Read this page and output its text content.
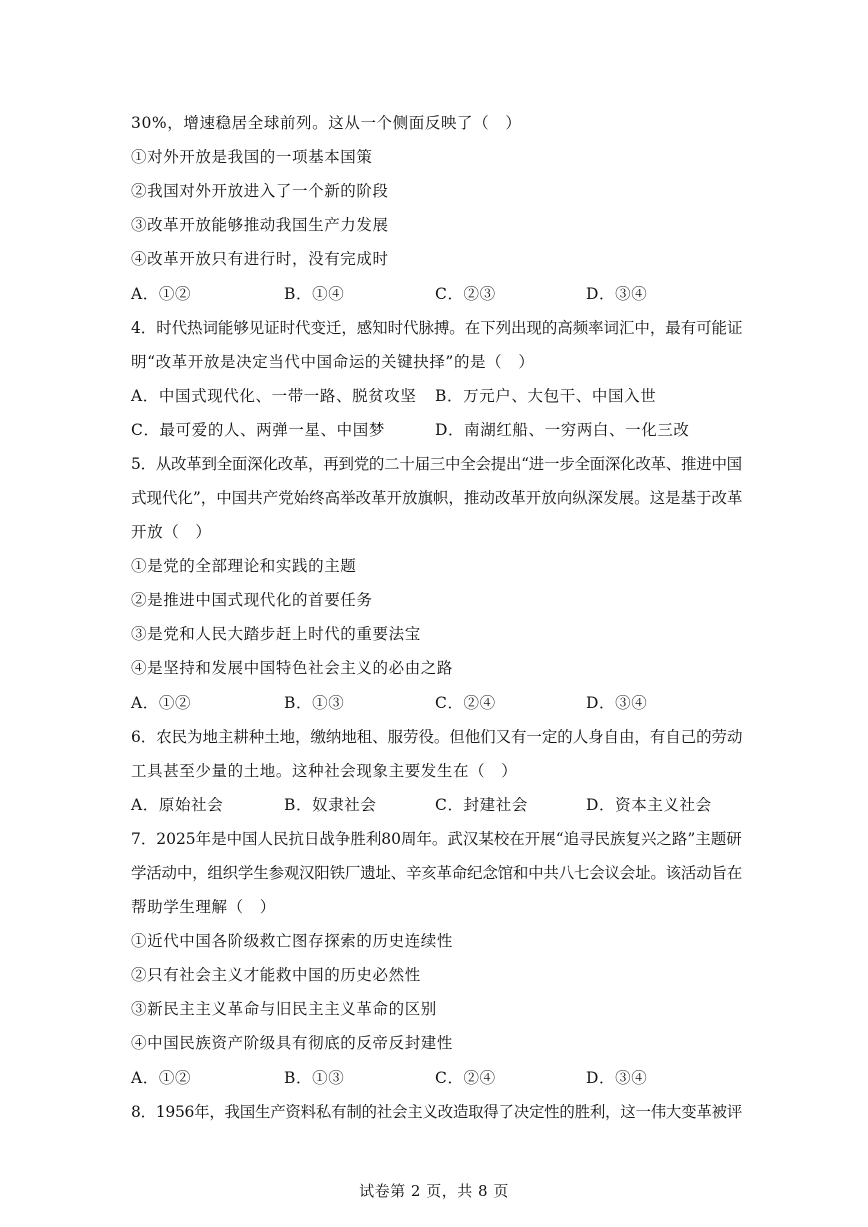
30%，增速稳居全球前列。这从一个侧面反映了（　）
①对外开放是我国的一项基本国策
②我国对外开放进入了一个新的阶段
③改革开放能够推动我国生产力发展
④改革开放只有进行时，没有完成时
A．①②	B．①④	C．②③	D．③④
4．时代热词能够见证时代变迁，感知时代脉搏。在下列出现的高频率词汇中，最有可能证
明“改革开放是决定当代中国命运的关键抉择”的是（　）
A．中国式现代化、一带一路、脱贫攻坚 B．万元户、大包干、中国入世
C．最可爱的人、两弹一星、中国梦	D．南湖红船、一穷两白、一化三改
5．从改革到全面深化改革，再到党的二十届三中全会提出“进一步全面深化改革、推进中国
式现代化”，中国共产党始终高举改革开放旗帜，推动改革开放向纵深发展。这是基于改革
开放（　）
①是党的全部理论和实践的主题
②是推进中国式现代化的首要任务
③是党和人民大踏步赶上时代的重要法宝
④是坚持和发展中国特色社会主义的必由之路
A．①②	B．①③	C．②④	D．③④
6．农民为地主耕种土地，缴纳地租、服劳役。但他们又有一定的人身自由，有自己的劳动
工具甚至少量的土地。这种社会现象主要发生在（　）
A．原始社会	B．奴隶社会	C．封建社会	D．资本主义社会
7．2025年是中国人民抗日战争胜利80周年。武汉某校在开展“追寻民族复兴之路”主题研
学活动中，组织学生参观汉阳铁厂遗址、辛亥革命纪念馆和中共八七会议会址。该活动旨在
帮助学生理解（　）
①近代中国各阶级救亡图存探索的历史连续性
②只有社会主义才能救中国的历史必然性
③新民主主义革命与旧民主主义革命的区别
④中国民族资产阶级具有彻底的反帝反封建性
A．①②	B．①③	C．②④	D．③④
8．1956年，我国生产资料私有制的社会主义改造取得了决定性的胜利，这一伟大变革被评
试卷第 2 页，共 8 页
